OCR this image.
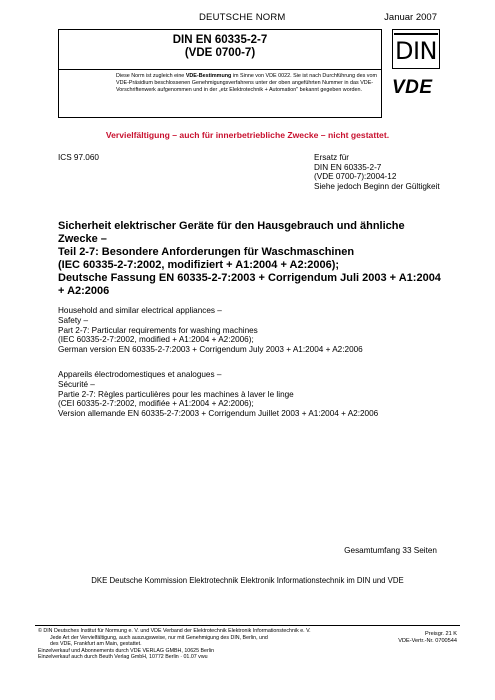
DEUTSCHE NORM	Januar 2007
DIN EN 60335-2-7
(VDE 0700-7)	DIN
Diese Norm ist zugleich eine VDE-Bestimmung im Sinne von VDE 0022. Sie ist nach Durchführung des vom VDE-Präsidium beschlossenen Genehmigungsverfahrens unter der oben angeführten Nummer in das VDE-Vorschriftenwerk aufgenommen und in der „etz Elektrotechnik + Automation" bekannt gegeben worden.	VDE
Vervielfältigung – auch für innerbetriebliche Zwecke – nicht gestattet.
ICS 97.060	Ersatz für
DIN EN 60335-2-7
(VDE 0700-7):2004-12
Siehe jedoch Beginn der Gültigkeit
Sicherheit elektrischer Geräte für den Hausgebrauch und ähnliche
Zwecke –
Teil 2-7: Besondere Anforderungen für Waschmaschinen
(IEC 60335-2-7:2002, modifiziert + A1:2004 + A2:2006);
Deutsche Fassung EN 60335-2-7:2003 + Corrigendum Juli 2003 + A1:2004
+ A2:2006
Household and similar electrical appliances –
Safety –
Part 2-7: Particular requirements for washing machines
(IEC 60335-2-7:2002, modified + A1:2004 + A2:2006);
German version EN 60335-2-7:2003 + Corrigendum July 2003 + A1:2004 + A2:2006
Appareils électrodomestiques et analogues –
Sécurité –
Partie 2-7: Règles particulières pour les machines à laver le linge
(CEI 60335-2-7:2002, modifiée + A1:2004 + A2:2006);
Version allemande EN 60335-2-7:2003 + Corrigendum Juillet 2003 + A1:2004 + A2:2006
Gesamtumfang 33 Seiten
DKE Deutsche Kommission Elektrotechnik Elektronik Informationstechnik im DIN und VDE
© DIN Deutsches Institut für Normung e. V. und VDE Verband der Elektrotechnik Elektronik Informationstechnik e. V.
Jede Art der Vervielfältigung, auch auszugsweise, nur mit Genehmigung des DIN, Berlin, und
des VDE, Frankfurt am Main, gestattet.
Einzelverkauf und Abonnements durch VDE VERLAG GMBH, 10625 Berlin
Einzelverkauf auch durch Beuth Verlag GmbH, 10772 Berlin · 01.07 vwu
Preisgr. 21 K
VDE-Vertr.-Nr. 0700544
